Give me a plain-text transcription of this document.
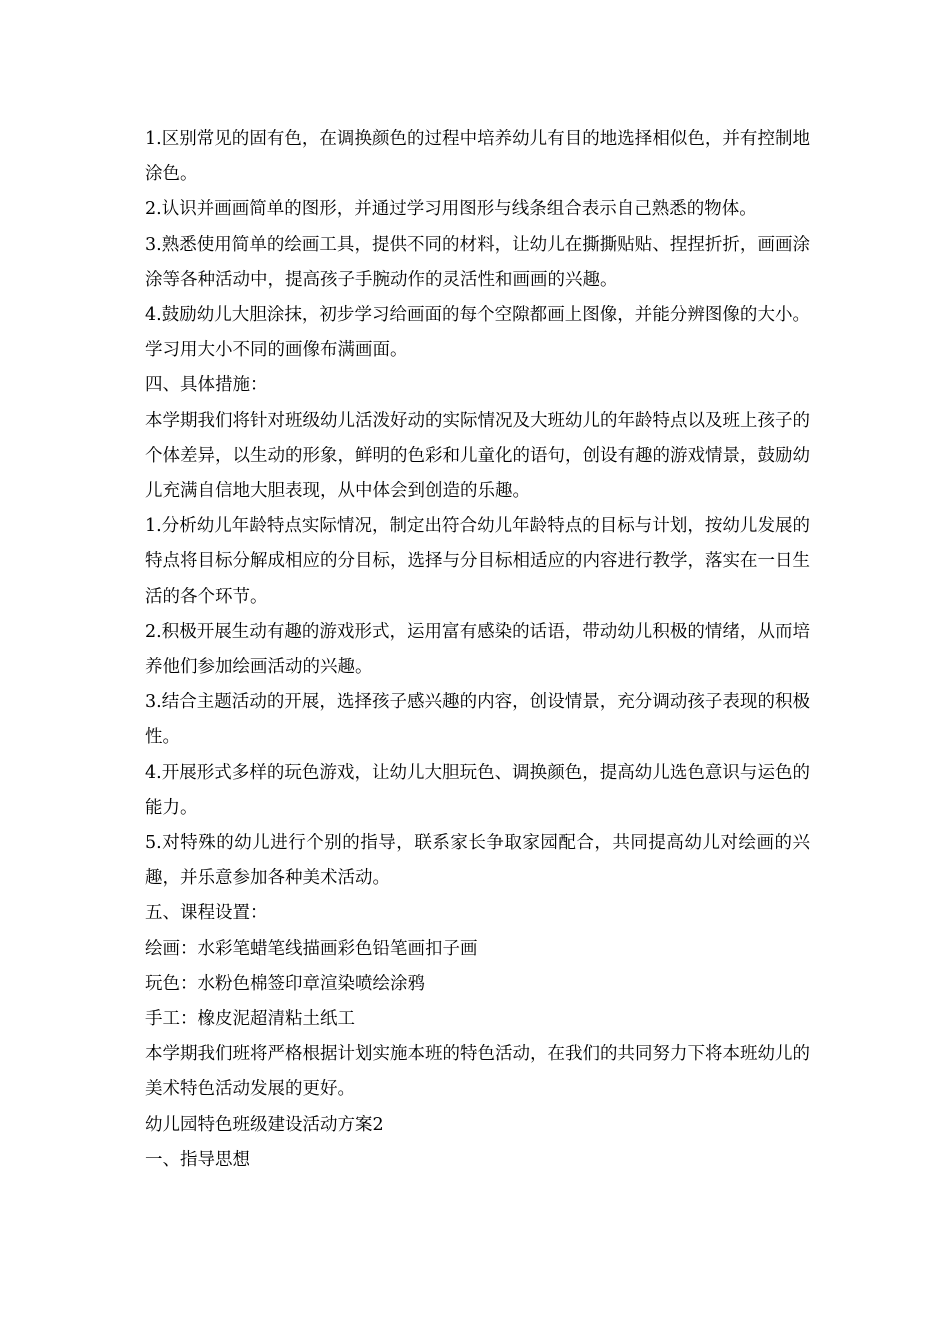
1.区别常见的固有色，在调换颜色的过程中培养幼儿有目的地选择相似色，并有控制地涂色。

2.认识并画画简单的图形，并通过学习用图形与线条组合表示自己熟悉的物体。

3.熟悉使用简单的绘画工具，提供不同的材料，让幼儿在撕撕贴贴、捏捏折折，画画涂涂等各种活动中，提高孩子手腕动作的灵活性和画画的兴趣。

4.鼓励幼儿大胆涂抹，初步学习给画面的每个空隙都画上图像，并能分辨图像的大小。学习用大小不同的画像布满画面。

四、具体措施：

本学期我们将针对班级幼儿活泼好动的实际情况及大班幼儿的年龄特点以及班上孩子的个体差异，以生动的形象，鲜明的色彩和儿童化的语句，创设有趣的游戏情景，鼓励幼儿充满自信地大胆表现，从中体会到创造的乐趣。

1.分析幼儿年龄特点实际情况，制定出符合幼儿年龄特点的目标与计划，按幼儿发展的特点将目标分解成相应的分目标，选择与分目标相适应的内容进行教学，落实在一日生活的各个环节。

2.积极开展生动有趣的游戏形式，运用富有感染的话语，带动幼儿积极的情绪，从而培养他们参加绘画活动的兴趣。

3.结合主题活动的开展，选择孩子感兴趣的内容，创设情景，充分调动孩子表现的积极性。

4.开展形式多样的玩色游戏，让幼儿大胆玩色、调换颜色，提高幼儿选色意识与运色的能力。

5.对特殊的幼儿进行个别的指导，联系家长争取家园配合，共同提高幼儿对绘画的兴趣，并乐意参加各种美术活动。

五、课程设置：

绘画：水彩笔蜡笔线描画彩色铅笔画扣子画

玩色：水粉色棉签印章渲染喷绘涂鸦

手工：橡皮泥超清粘土纸工

本学期我们班将严格根据计划实施本班的特色活动，在我们的共同努力下将本班幼儿的美术特色活动发展的更好。

幼儿园特色班级建设活动方案2

一、指导思想
